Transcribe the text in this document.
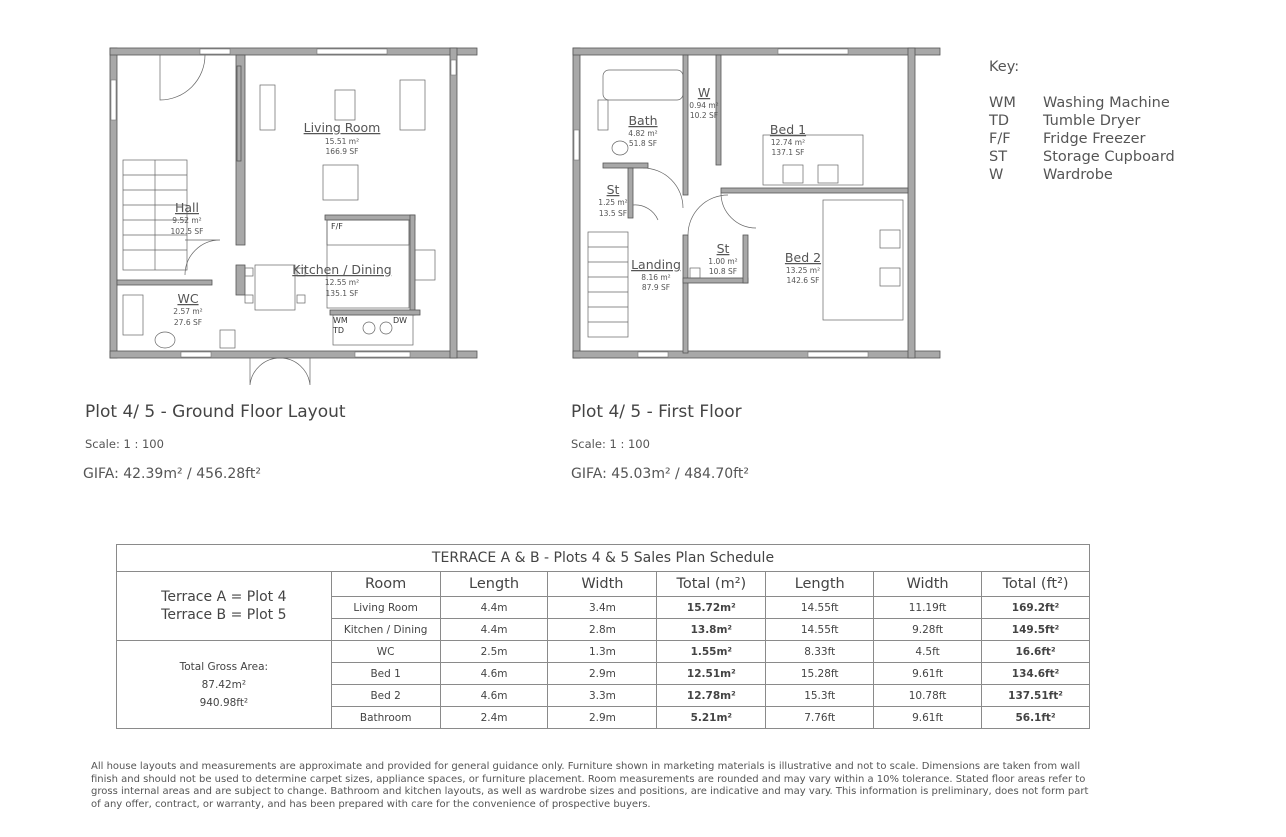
Living Room
15.51 m²
166.9 SF
Hall
9.52 m²
102.5 SF
Kitchen / Dining
12.55 m²
135.1 SF
WC
2.57 m²
27.6 SF
F/F
WM
TD
DW
Bath
4.82 m²
51.8 SF
W
0.94 m²
10.2 SF
Bed 1
12.74 m²
137.1 SF
St
1.25 m²
13.5 SF
St
1.00 m²
10.8 SF
Landing
8.16 m²
87.9 SF
Bed 2
13.25 m²
142.6 SF
Plot 4/ 5 - Ground Floor Layout
Scale: 1 : 100
GIFA: 42.39m² / 456.28ft²
Plot 4/ 5 - First Floor
Scale: 1 : 100
GIFA: 45.03m² / 484.70ft²
Key:
WM Washing Machine
TD Tumble Dryer
F/F Fridge Freezer
ST Storage Cupboard
W	Wardrobe
TERRACE A & B - Plots 4 & 5 Sales Plan Schedule							

Terrace A = Plot 4
Terrace B = Plot 5	Room	Length	Width	Total (m²)	Length	Width	Total (ft²)
	Living Room	4.4m	3.4m	15.72m²	14.55ft	11.19ft	169.2ft²
	Kitchen / Dining	4.4m	2.8m	13.8m²	14.55ft	9.28ft	149.5ft²

Total Gross Area:
87.42m²
940.98ft²	WC	2.5m	1.3m	1.55m²	8.33ft	4.5ft	16.6ft²
	Bed 1	4.6m	2.9m	12.51m²	15.28ft	9.61ft	134.6ft²
	Bed 2	4.6m	3.3m	12.78m²	15.3ft	10.78ft	137.51ft²
	Bathroom	2.4m	2.9m	5.21m²	7.76ft	9.61ft	56.1ft²
All house layouts and measurements are approximate and provided for general guidance only. Furniture shown in marketing materials is illustrative and not to scale. Dimensions are taken from wall finish and should not be used to determine carpet sizes, appliance spaces, or furniture placement. Room measurements are rounded and may vary within a 10% tolerance. Stated floor areas refer to gross internal areas and are subject to change. Bathroom and kitchen layouts, as well as wardrobe sizes and positions, are indicative and may vary. This information is preliminary, does not form part of any offer, contract, or warranty, and has been prepared with care for the convenience of prospective buyers.
